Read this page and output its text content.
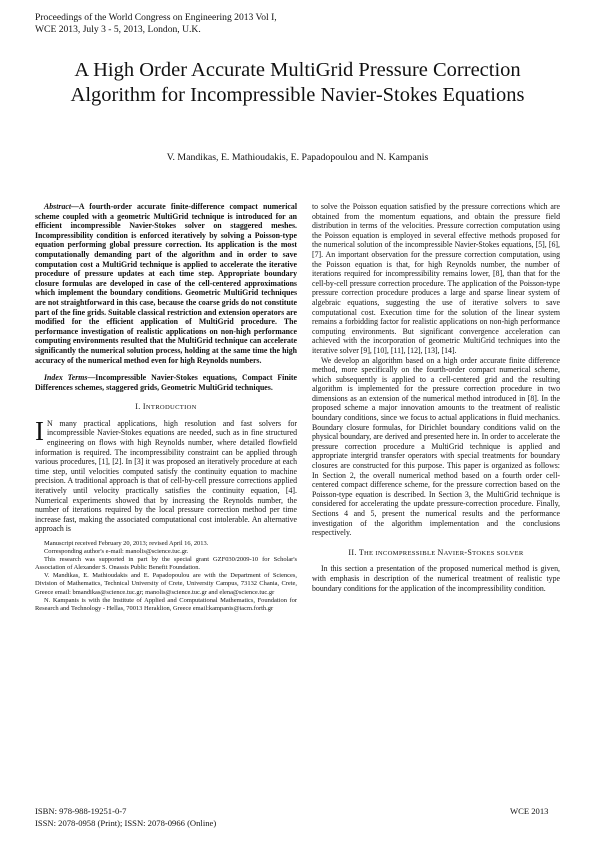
Proceedings of the World Congress on Engineering 2013 Vol I,
WCE 2013, July 3 - 5, 2013, London, U.K.
A High Order Accurate MultiGrid Pressure Correction Algorithm for Incompressible Navier-Stokes Equations
V. Mandikas, E. Mathioudakis, E. Papadopoulou and N. Kampanis

Abstract—A fourth-order accurate finite-difference compact numerical scheme coupled with a geometric MultiGrid technique is introduced for an efficient incompressible Navier-Stokes solver on staggered meshes. Incompressibility condition is enforced iteratively by solving a Poisson-type equation performing global pressure correction. Its application is the most computationally demanding part of the algorithm and in order to save computation cost a MultiGrid technique is applied to accelerate the iterative procedure of pressure updates at each time step. Appropriate boundary closure formulas are developed in case of the cell-centered approximations which implement the boundary conditions. Geometric MultiGrid techniques are not straightforward in this case, because the coarse grids do not constitute part of the fine grids. Suitable classical restriction and extension operators are modified for the efficient application of MultiGrid procedure. The performance investigation of realistic applications on non-high performance computing environments resulted that the MultiGrid technique can accelerate significantly the numerical solution process, holding at the same time the high accuracy of the numerical method even for high Reynolds numbers.

Index Terms—Incompressible Navier-Stokes equations, Compact Finite Differences schemes, staggered grids, Geometric MultiGrid techniques.

I. INTRODUCTION

I N many practical applications, high resolution and fast solvers for incompressible Navier-Stokes equations are needed, such as in fine structured engineering on flows with high Reynolds number, where detailed flowfield information is required. The incompressibility constraint can be applied through various procedures, [1], [2]. In [3] it was proposed an iteratively procedure at each time step, until velocities computed satisfy the continuity equation to machine precision. A traditional approach is that of cell-by-cell pressure corrections applied iteratively until velocity practically satisfies the continuity equation, [4]. Numerical experiments showed that by increasing the Reynolds number, the number of iterations required by the local pressure correction method per time increase fast, making the associated computational cost intolerable. An alternative approach is

Manuscript received February 20, 2013; revised April 16, 2013.

Corresponding author's e-mail: manolis@science.tuc.gr.

This research was supported in part by the special grant GZF030/2009-10 for Scholar's Association of Alexander S. Onassis Public Benefit Foundation.

V. Mandikas, E. Mathioudakis and E. Papadopoulou are with the Department of Sciences, Division of Mathematics, Technical University of Crete, University Campus, 73132 Chania, Crete, Greece email: bmandikas@science.tuc.gr; manolis@science.tuc.gr and elena@science.tuc.gr

N. Kampanis is with the Institute of Applied and Computational Mathematics, Foundation for Research and Technology - Hellas, 70013 Heraklion, Greece email:kampanis@iacm.forth.gr

to solve the Poisson equation satisfied by the pressure corrections which are obtained from the momentum equations, and obtain the pressure field distribution in terms of the velocities. Pressure correction computation using the Poisson equation is employed in several effective methods proposed for the numerical solution of the incompressible Navier-Stokes equations, [5], [6], [7]. An important observation for the pressure correction computation, using the Poisson equation is that, for high Reynolds number, the number of iterations required for incompressibility remains lower, [8], than that for the cell-by-cell pressure correction procedure. The application of the Poisson-type pressure correction procedure produces a large and sparse linear system of algebraic equations, suggesting the use of iterative solvers to save computational cost. Execution time for the solution of the linear system remains a forbidding factor for realistic applications on non-high performance computing environments. But significant convergence acceleration can achieved with the incorporation of geometric MultiGrid techniques into the iterative solver [9], [10], [11], [12], [13], [14].

We develop an algorithm based on a high order accurate finite difference method, more specifically on the fourth-order compact numerical scheme, which subsequently is applied to a cell-centered grid and the resulting algorithm is implemented for the pressure correction procedure in two dimensions as an extension of the numerical method introduced in [8]. In the proposed scheme a major innovation amounts to the treatment of realistic boundary conditions, since we focus to actual applications in fluid mechanics. Boundary closure formulas, for Dirichlet boundary conditions valid on the physical boundary, are derived and presented here in. In order to accelerate the pressure correction procedure a MultiGrid technique is applied and appropriate intergrid transfer operators with special treatments for boundary closures are constructed for this purpose. This paper is organized as follows: In Section 2, the overall numerical method based on a fourth order cell-centered compact difference scheme, for the pressure correction based on the Poisson-type equation is described. In Section 3, the MultiGrid technique is considered for accelerating the update pressure-correction procedure. Finally, Sections 4 and 5, present the numerical results and the performance investigation of the algorithm implementation and the conclusions respectively.

II. THE INCOMPRESSIBLE NAVIER-STOKES SOLVER

In this section a presentation of the proposed numerical method is given, with emphasis in description of the numerical treatment of realistic type boundary conditions for the application of the incompressibility condition.

ISBN: 978-988-19251-0-7
ISSN: 2078-0958 (Print); ISSN: 2078-0966 (Online)
WCE 2013
